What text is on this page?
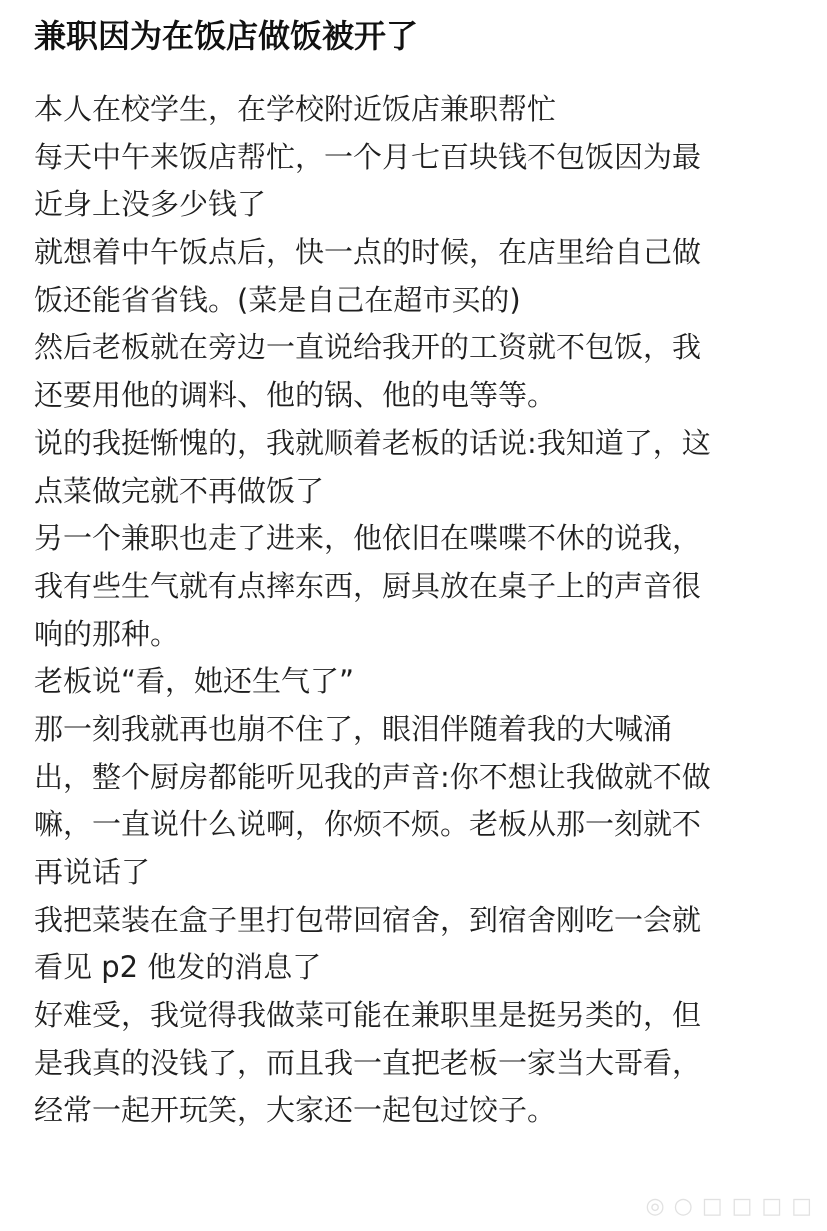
兼职因为在饭店做饭被开了
本人在校学生，在学校附近饭店兼职帮忙
每天中午来饭店帮忙，一个月七百块钱不包饭因为最
近身上没多少钱了
就想着中午饭点后，快一点的时候，在店里给自己做
饭还能省省钱。(菜是自己在超市买的)
然后老板就在旁边一直说给我开的工资就不包饭，我
还要用他的调料、他的锅、他的电等等。
说的我挺惭愧的，我就顺着老板的话说:我知道了，这
点菜做完就不再做饭了
另一个兼职也走了进来，他依旧在喋喋不休的说我，
我有些生气就有点摔东西，厨具放在桌子上的声音很
响的那种。
老板说“看，她还生气了”
那一刻我就再也崩不住了，眼泪伴随着我的大喊涌
出，整个厨房都能听见我的声音:你不想让我做就不做
嘛，一直说什么说啊，你烦不烦。老板从那一刻就不
再说话了
我把菜装在盒子里打包带回宿舍，到宿舍刚吃一会就
看见 p2 他发的消息了
好难受，我觉得我做菜可能在兼职里是挺另类的，但
是我真的没钱了，而且我一直把老板一家当大哥看，
经常一起开玩笑，大家还一起包过饺子。
◎ ○ □ □ □ □
